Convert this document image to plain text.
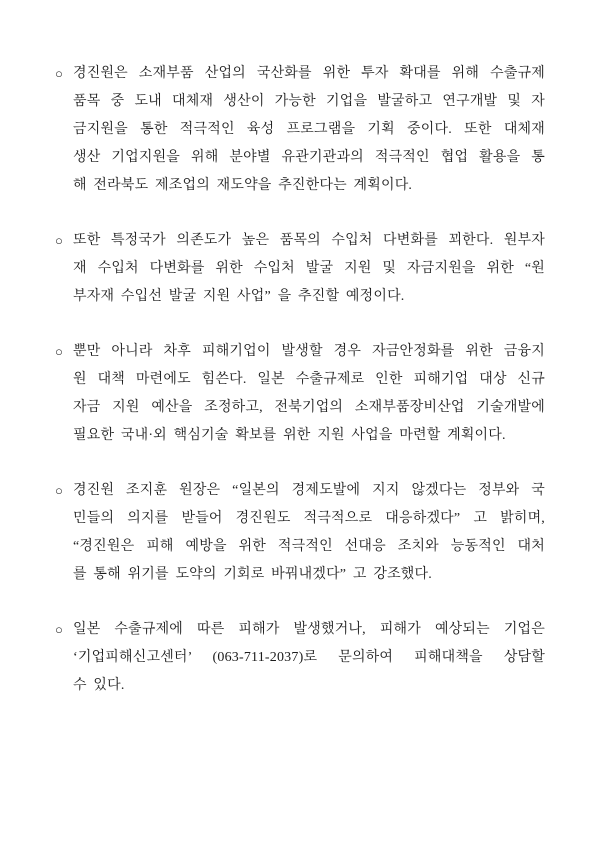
○ 경진원은 소재부품 산업의 국산화를 위한 투자 확대를 위해 수출규제
품목 중 도내 대체재 생산이 가능한 기업을 발굴하고 연구개발 및 자
금지원을 통한 적극적인 육성 프로그램을 기획 중이다. 또한 대체재
생산 기업지원을 위해 분야별 유관기관과의 적극적인 협업 활용을 통
해 전라북도 제조업의 재도약을 추진한다는 계획이다.
○ 또한 특정국가 의존도가 높은 품목의 수입처 다변화를 꾀한다. 원부자
재 수입처 다변화를 위한 수입처 발굴 지원 및 자금지원을 위한 “원
부자재 수입선 발굴 지원 사업” 을 추진할 예정이다.
○ 뿐만 아니라 차후 피해기업이 발생할 경우 자금안정화를 위한 금융지
원 대책 마련에도 힘쓴다. 일본 수출규제로 인한 피해기업 대상 신규
자금 지원 예산을 조정하고, 전북기업의 소재부품장비산업 기술개발에
필요한 국내·외 핵심기술 확보를 위한 지원 사업을 마련할 계획이다.
○ 경진원 조지훈 원장은 “일본의 경제도발에 지지 않겠다는 정부와 국
민들의 의지를 받들어 경진원도 적극적으로 대응하겠다” 고 밝히며,
“경진원은 피해 예방을 위한 적극적인 선대응 조치와 능동적인 대처
를 통해 위기를 도약의 기회로 바꿔내겠다” 고 강조했다.
○ 일본 수출규제에 따른 피해가 발생했거나, 피해가 예상되는 기업은
‘기업피해신고센터’ (063-711-2037)로 문의하여 피해대책을 상담할
수 있다.
